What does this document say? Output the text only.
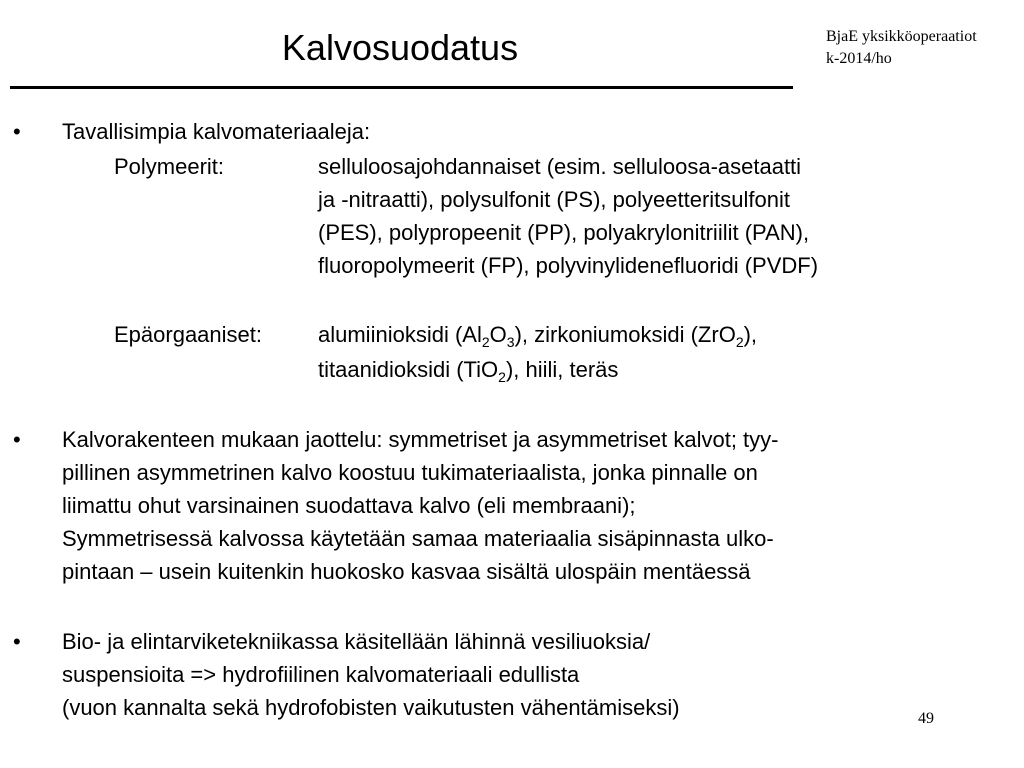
Kalvosuodatus	BjaE yksikköoperaatiot
k-2014/ho
• Tavallisimpia kalvomateriaaleja:
Polymeerit:	selluloosajohdannaiset (esim. selluloosa-asetaatti
ja -nitraatti), polysulfonit (PS), polyeetteritsulfonit
(PES), polypropeenit (PP), polyakrylonitriilit (PAN),
fluoropolymeerit (FP), polyvinylidenefluoridi (PVDF)
Epäorgaaniset:	alumiinioksidi $(Al_2O_3)$, zirkoniumoksidi (ZrO$_2$),
titaanidioksidi (TiO$_2$), hiili, teräs
• Kalvorakenteen mukaan jaottelu: symmetriset ja asymmetriset kalvot; tyy-
pillinen asymmetrinen kalvo koostuu tukimateriaalista, jonka pinnalle on
liimattu ohut varsinainen suodattava kalvo (eli membraani);
Symmetrisessä kalvossa käytetään samaa materiaalia sisäpinnasta ulko-
pintaan – usein kuitenkin huokosko kasvaa sisältä ulospäin mentäessä
• Bio- ja elintarviketekniikassa käsitellään lähinnä vesiliuoksia/
suspensioita => hydrofiilinen kalvomateriaali edullista
(vuon kannalta sekä hydrofobisten vaikutusten vähentämiseksi)	49
